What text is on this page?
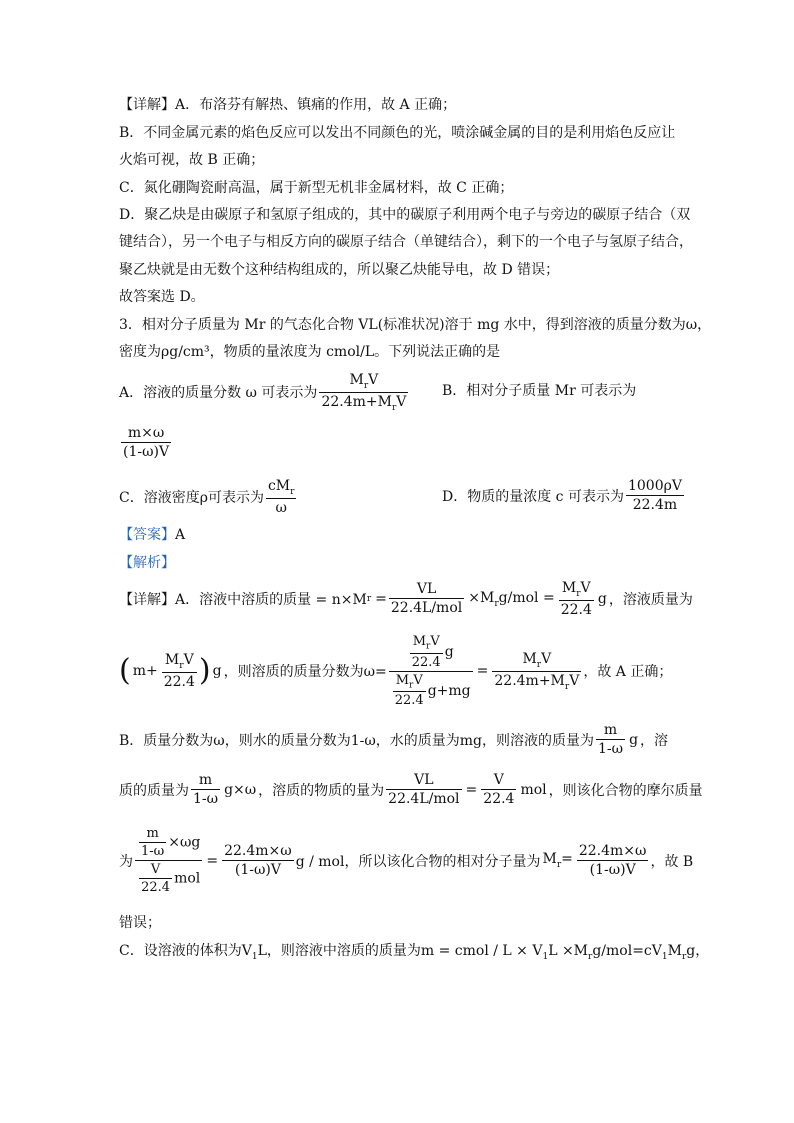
【详解】A．布洛芬有解热、镇痛的作用，故 A 正确；
B．不同金属元素的焰色反应可以发出不同颜色的光，喷涂碱金属的目的是利用焰色反应让
火焰可视，故 B 正确；
C．氮化硼陶瓷耐高温，属于新型无机非金属材料，故 C 正确；
D．聚乙炔是由碳原子和氢原子组成的，其中的碳原子利用两个电子与旁边的碳原子结合（双
键结合），另一个电子与相反方向的碳原子结合（单键结合），剩下的一个电子与氢原子结合，
聚乙炔就是由无数个这种结构组成的，所以聚乙炔能导电，故 D 错误；
故答案选 D。
3．相对分子质量为 Mr 的气态化合物 VL(标准状况)溶于 mg 水中，得到溶液的质量分数为ω，
密度为ρg/cm³，物质的量浓度为 cmol/L。下列说法正确的是
A．溶液的质量分数 ω 可表示为
$M_rV$
$22.4m+M_rV$
B．相对分子质量 Mr 可表示为
m×ω
(1-ω)V
C．溶液密度ρ可表示为
$cM_r$
ω
D．物质的量浓度 c 可表示为
1000ρV
22.4m
【答案】A
【解析】
【详解】A．溶液中溶质的质量 = n×M r =
VL
22.4L/mol
$\times M_rg$/mol =
$M_rV$
22.4
g ，溶液质量为
( m+
$M_rV$
22.4 ) g ，则溶质的质量分数为ω=
$M_rV$
22.4
g
$M_rV$
22.4
g+mg
=
$M_rV$
$22.4m+M_rV$
，故 A 正确；
B．质量分数为ω，则水的质量分数为1-ω，水的质量为mg，则溶液的质量为
m
1-ω
g ，溶
质的质量为
m
1-ω
g×ω ，溶质的物质的量为
VL
22.4L/mol
= $\frac{V}{22.4}$ mol ，则该化合物的摩尔质量
为
$\frac{m}{1-\omega} \times\omega g$
$\frac{V}{22.4}$ mol
= $\frac{22.4m\times\omega}{(1-\omega)V}$ g / mol，所以该化合物的相对分子量为 $M_r= \frac{22.4m\times\omega}{(1-\omega)V}$ ，故 B
错误；
C．设溶液的体积为$V_1L$，则溶液中溶质的质量为m = cmol / $L \times V_1L \times M_rg/mol=cV_1M_rg$，
